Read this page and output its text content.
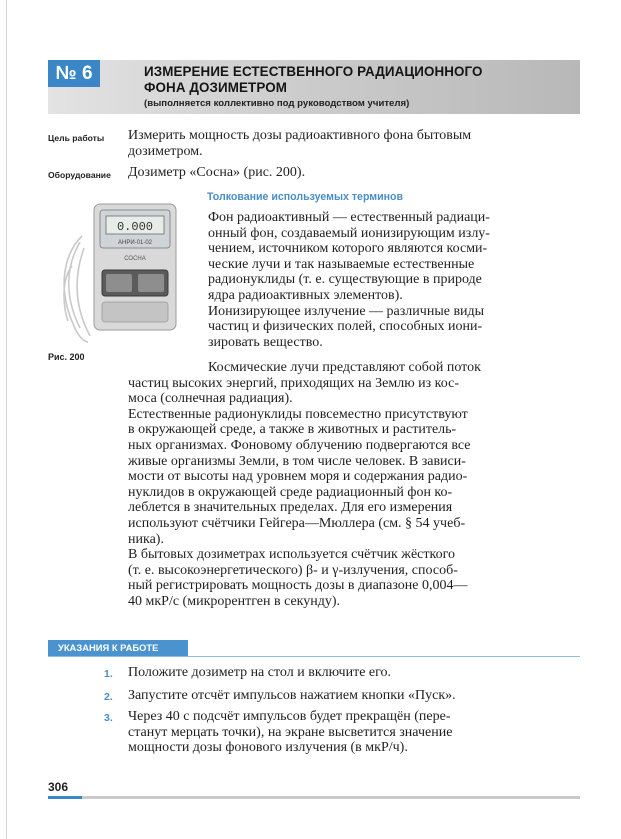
№ 6	ИЗМЕРЕНИЕ ЕСТЕСТВЕННОГО РАДИАЦИОННОГО
ФОНА ДОЗИМЕТРОМ
(выполняется коллективно под руководством учителя)
Цель работы Измерить мощность дозы радиоактивного фона бытовым
дозиметром.
Оборудование Дозиметр «Сосна» (рис. 200).
0.000
АНРИ-01-02
СОСНА
Рис. 200
Толкование используемых терминов
Фон радиоактивный — естественный радиаци-
онный фон, создаваемый ионизирующим излу-
чением, источником которого являются косми-
ческие лучи и так называемые естественные
радионуклиды (т. е. существующие в природе
ядра радиоактивных элементов).
Ионизирующее излучение — различные виды
частиц и физических полей, способных иони-
зировать вещество.
Космические лучи представляют собой поток
частиц высоких энергий, приходящих на Землю из кос-
моса (солнечная радиация).
Естественные радионуклиды повсеместно присутствуют
в окружающей среде, а также в животных и раститель-
ных организмах. Фоновому облучению подвергаются все
живые организмы Земли, в том числе человек. В зависи-
мости от высоты над уровнем моря и содержания радио-
нуклидов в окружающей среде радиационный фон ко-
леблется в значительных пределах. Для его измерения
используют счётчики Гейгера—Мюллера (см. § 54 учеб-
ника).
В бытовых дозиметрах используется счётчик жёсткого
(т. е. высокоэнергетического) β- и γ-излучения, способ-
ный регистрировать мощность дозы в диапазоне 0,004—
40 мкР/с (микрорентген в секунду).
УКАЗАНИЯ К РАБОТЕ
1. Положите дозиметр на стол и включите его.
2. Запустите отсчёт импульсов нажатием кнопки «Пуск».
3. Через 40 с подсчёт импульсов будет прекращён (пере-
станут мерцать точки), на экране высветится значение
мощности дозы фонового излучения (в мкР/ч).
306
